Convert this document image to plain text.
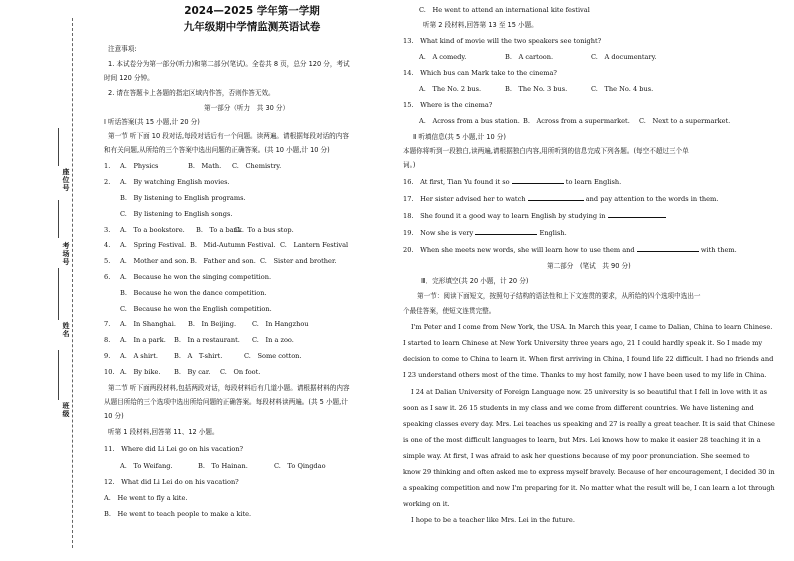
座位号
考场号
姓名
班级
2024—2025 学年第一学期
九年级期中学情监测英语试卷
注意事项:
1. 本试卷分为第一部分(听力)和第二部分(笔试)。全卷共 8 页，总分 120 分，考试
时间 120 分钟。
2. 请在答题卡上各题的指定区域内作答，否则作答无效。
第一部分（听力　共 30 分）
I 听话答案(共 15 小题,计 20 分)
第一节 听下面 10 段对话,每段对话后有一个问题。读两遍。请根据每段对话的内容
和有关问题,从所给的三个答案中选出问题的正确答案。(共 10 小题,计 10 分)
1. A.　Physics	B.　Math. C.　Chemistry.
2. A.　By watching English movies.
B.　By listening to English programs.
C.　By listening to English songs.
3. A.　To a bookstore. B.　To a bank.
C.　To a bus stop.
4. A.　Spring Festival. B.　Mid-Autumn Festival. C.　Lantern Festival
5. A.　Mother and son. B.　Father and son. C.　Sister and brother.
6. A.　Because he won the singing competition.
B.　Because he won the dance competition.
C.　Because he won the English competition.
7. A.　In Shanghai. B.　In Beijing. C.　In Hangzhou
8. A.　In a park. B.　In a restaurant. C.　In a zoo.
9. A.　A shirt. B.　A　T-shirt.	C.　Some cotton.
10. A.　By bike. B.　By car. C.　On foot.
第二节 听下面两段材料,包括两段对话，每段材料后有几道小题。请根据材料的内容
从题目所给的三个选项中选出所给问题的正确答案。每段材料读两遍。(共 5 小题,计
10 分)
听第 1 段材料,回答第 11、12 小题。
11.　Where did Li Lei go on his vacation?
A.　To Weifang.	B.　To Hainan.	C.　To Qingdao
12.　What did Li Lei do on his vacation?
A.　He went to fly a kite.
B.　He went to teach people to make a kite.
C.　He went to attend an international kite festival
听第 2 段材料,回答第 13 至 15 小题。
13.　What kind of movie will the two speakers see tonight?
A.　A comedy.	B.　A cartoon.	C.　A documentary.
14.　Which bus can Mark take to the cinema?
A.　The No. 2 bus.	B.　The No. 3 bus.	C.　The No. 4 bus.
15.　Where is the cinema?
A.　Across from a bus station. B.　Across from a supermarket. C.　Next to a supermarket.
Ⅱ 听填信息(共 5 小题,计 10 分)
本题你将听到一段独白,读两遍,请根据独白内容,用所听到的信息完成下列各题。(每空不超过三个单
词。)
16.　At first, Tian Yu found it so	to learn English.
17.　Her sister advised her to watch	and pay attention to the words in them.
18.　She found it a good way to learn English by studying in
19.　Now she is very	English.
20.　When she meets new words, she will learn how to use them and	with them.
第二部分　(笔试　共 90 分)
Ⅲ．完形填空(共 20 小题，计 20 分)
第一节：阅读下面短文，按照句子结构的语法性和上下文连贯的要求，从所给的四个选项中选出一
个最佳答案，使短文连贯完整。
I'm Peter and I come from New York, the USA. In March this year, I came to Dalian, China to learn Chinese.
I started to learn Chinese at New York University three years ago, 21 I could hardly speak it. So I made my
decision to come to China to learn it. When first arriving in China, I found life 22 difficult. I had no friends and
I 23 understand others most of the time. Thanks to my host family, now I have been used to my life in China.
I 24 at Dalian University of Foreign Language now. 25 university is so beautiful that I fell in love with it as
soon as I saw it. 26 15 students in my class and we come from different countries. We have listening and
speaking classes every day. Mrs. Lei teaches us speaking and 27 is really a great teacher. It is said that Chinese
is one of the most difficult languages to learn, but Mrs. Lei knows how to make it easier 28 teaching it in a
simple way. At first, I was afraid to ask her questions because of my poor pronunciation. She seemed to
know 29 thinking and often asked me to express myself bravely. Because of her encouragement, I decided 30 in
a speaking competition and now I'm preparing for it. No matter what the result will be, I can learn a lot through
working on it.
I hope to be a teacher like Mrs. Lei in the future.
